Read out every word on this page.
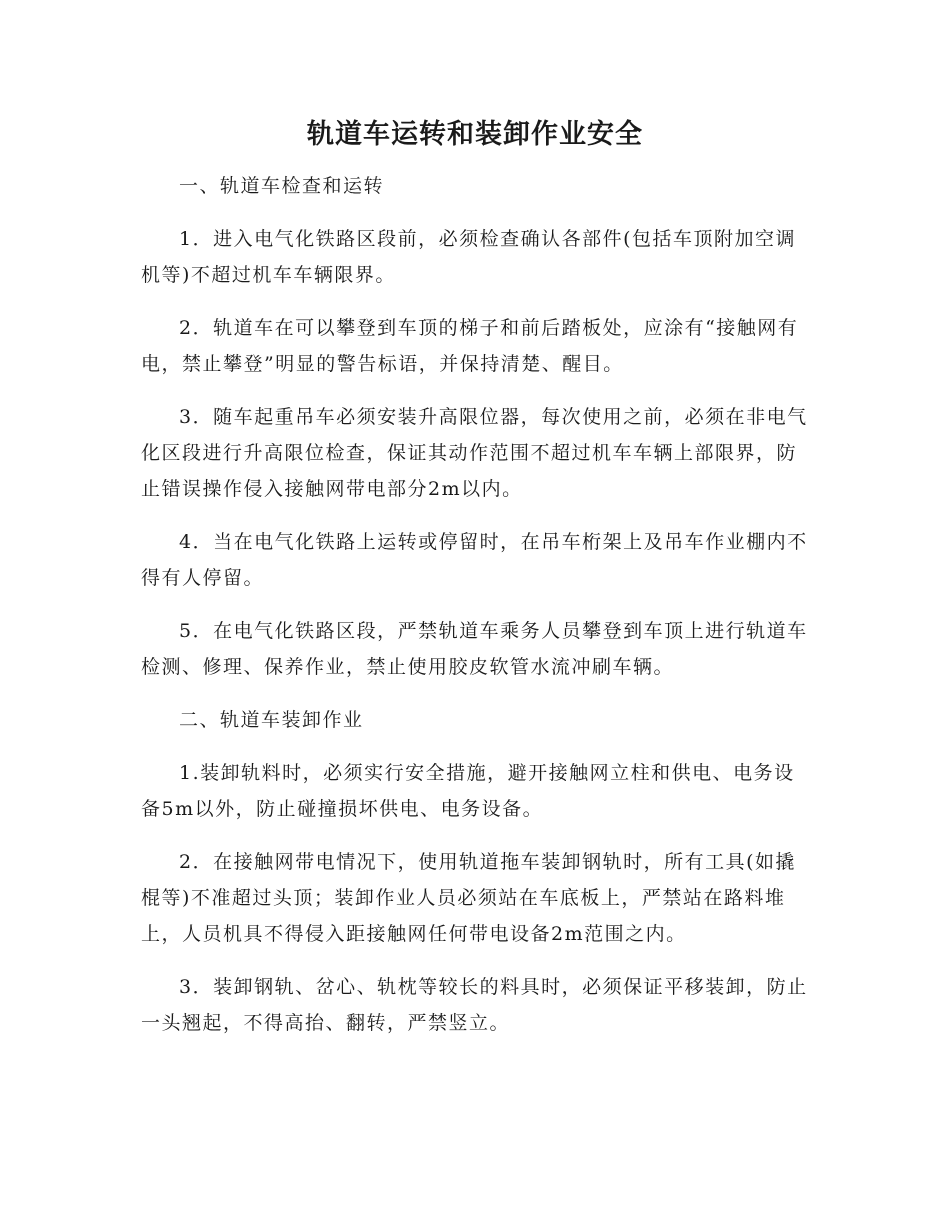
轨道车运转和装卸作业安全

一、轨道车检查和运转

1．进入电气化铁路区段前，必须检查确认各部件(包括车顶附加空调机等)不超过机车车辆限界。

2．轨道车在可以攀登到车顶的梯子和前后踏板处，应涂有“接触网有电，禁止攀登”明显的警告标语，并保持清楚、醒目。

3．随车起重吊车必须安装升高限位器，每次使用之前，必须在非电气化区段进行升高限位检查，保证其动作范围不超过机车车辆上部限界，防止错误操作侵入接触网带电部分2m以内。

4．当在电气化铁路上运转或停留时，在吊车桁架上及吊车作业棚内不得有人停留。

5．在电气化铁路区段，严禁轨道车乘务人员攀登到车顶上进行轨道车检测、修理、保养作业，禁止使用胶皮软管水流冲刷车辆。

二、轨道车装卸作业

1.装卸轨料时，必须实行安全措施，避开接触网立柱和供电、电务设备5m以外，防止碰撞损坏供电、电务设备。

2．在接触网带电情况下，使用轨道拖车装卸钢轨时，所有工具(如撬棍等)不准超过头顶；装卸作业人员必须站在车底板上，严禁站在路料堆上，人员机具不得侵入距接触网任何带电设备2m范围之内。

3．装卸钢轨、岔心、轨枕等较长的料具时，必须保证平移装卸，防止一头翘起，不得高抬、翻转，严禁竖立。
